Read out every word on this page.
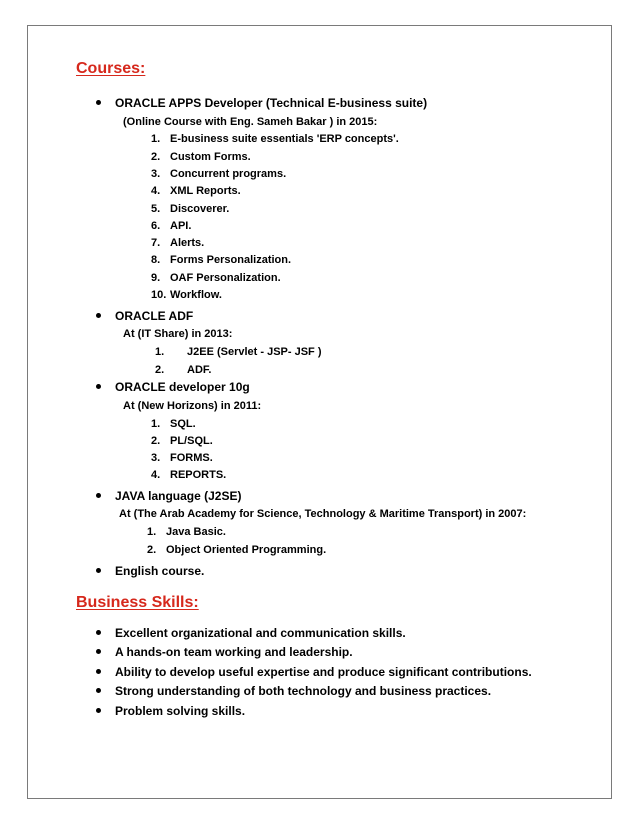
Courses:
ORACLE APPS Developer (Technical E-business suite)
(Online Course with Eng. Sameh Bakar ) in 2015:
1. E-business suite essentials 'ERP concepts'.
2. Custom Forms.
3. Concurrent programs.
4. XML Reports.
5. Discoverer.
6. API.
7. Alerts.
8. Forms Personalization.
9. OAF Personalization.
10. Workflow.
ORACLE ADF
At (IT Share) in 2013:
1. J2EE (Servlet - JSP- JSF )
2. ADF.
ORACLE developer 10g
At (New Horizons) in 2011:
1. SQL.
2. PL/SQL.
3. FORMS.
4. REPORTS.
JAVA language (J2SE)
At (The Arab Academy for Science, Technology & Maritime Transport) in 2007:
1. Java Basic.
2. Object Oriented Programming.
English course.
Business Skills:
Excellent organizational and communication skills.
A hands-on team working and leadership.
Ability to develop useful expertise and produce significant contributions.
Strong understanding of both technology and business practices.
Problem solving skills.
